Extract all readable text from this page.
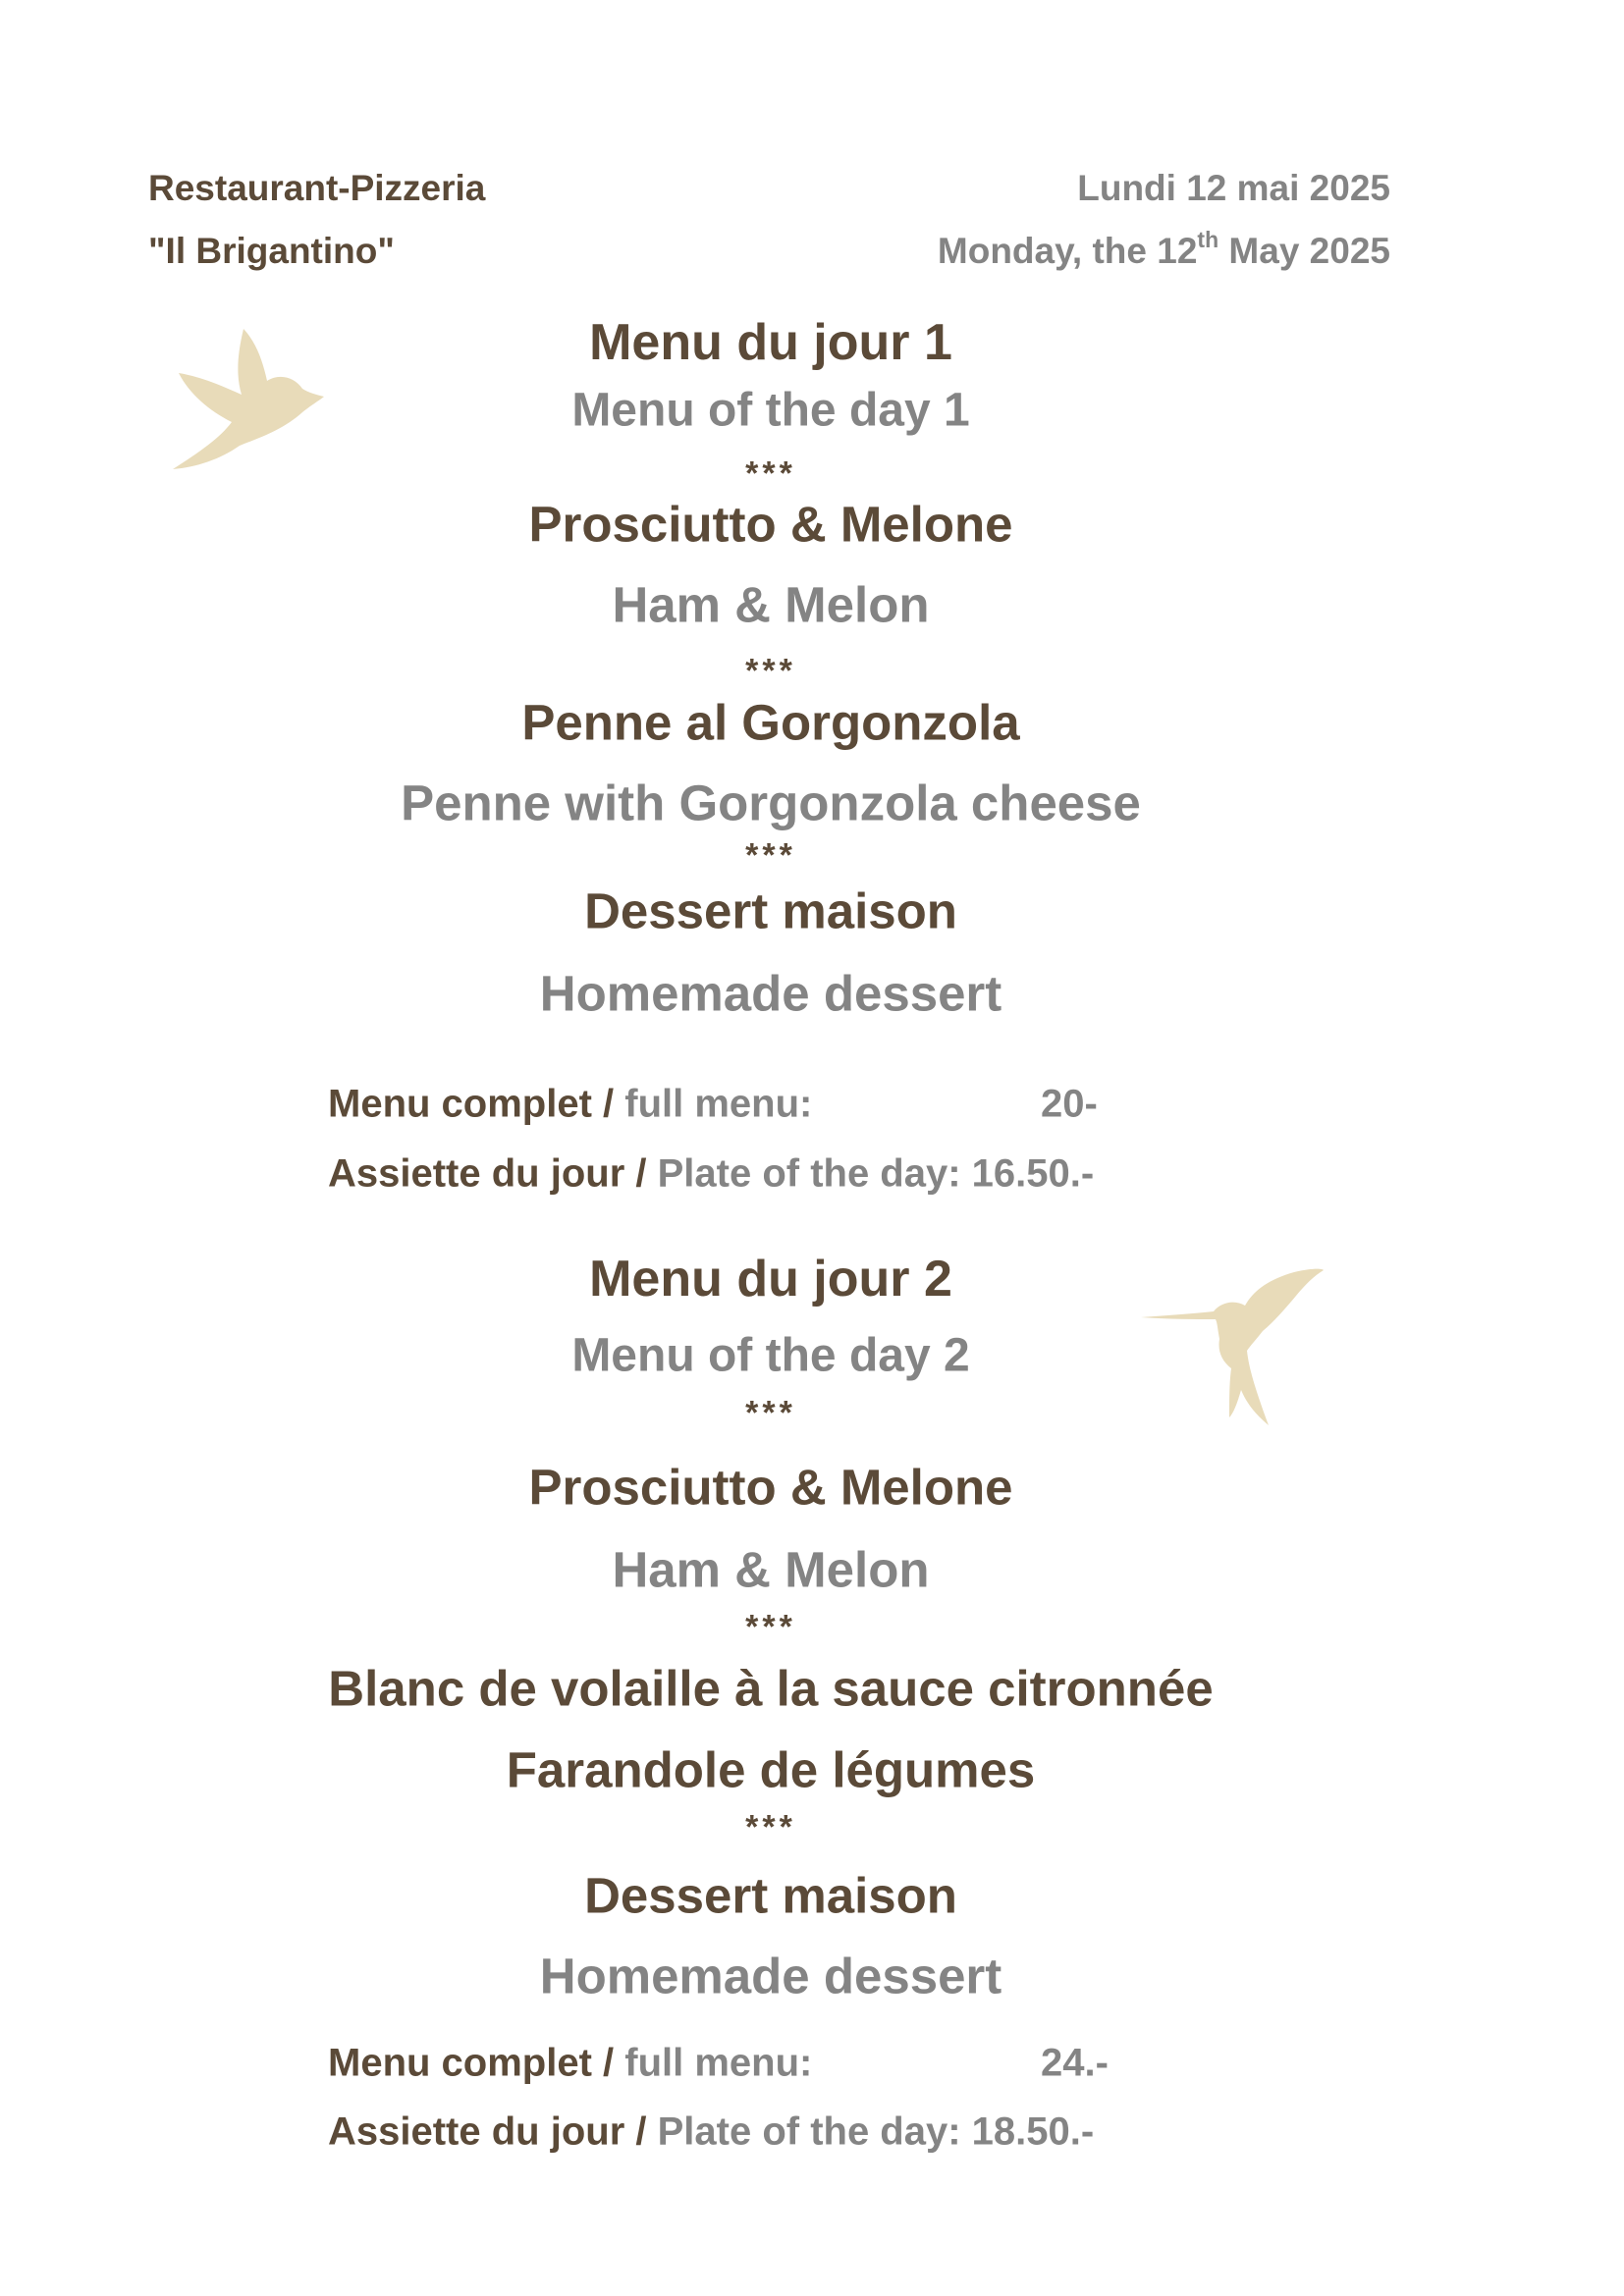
Restaurant-Pizzeria
"Il Brigantino"
Lundi 12 mai 2025
Monday, the 12th May 2025
Menu du jour 1
Menu of the day 1
***
Prosciutto & Melone
Ham & Melon
***
Penne al Gorgonzola
***
Penne with Gorgonzola cheese
Dessert maison
Homemade dessert
Menu complet / full menu:	20-
Assiette du jour / Plate of the day: 16.50.-
Menu du jour 2
Menu of the day 2
***
Prosciutto & Melone
Ham & Melon
***
Blanc de volaille à la sauce citronnée
Farandole de légumes
***
Dessert maison
Homemade dessert
Menu complet / full menu:	24.-
Assiette du jour / Plate of the day: 18.50.-
